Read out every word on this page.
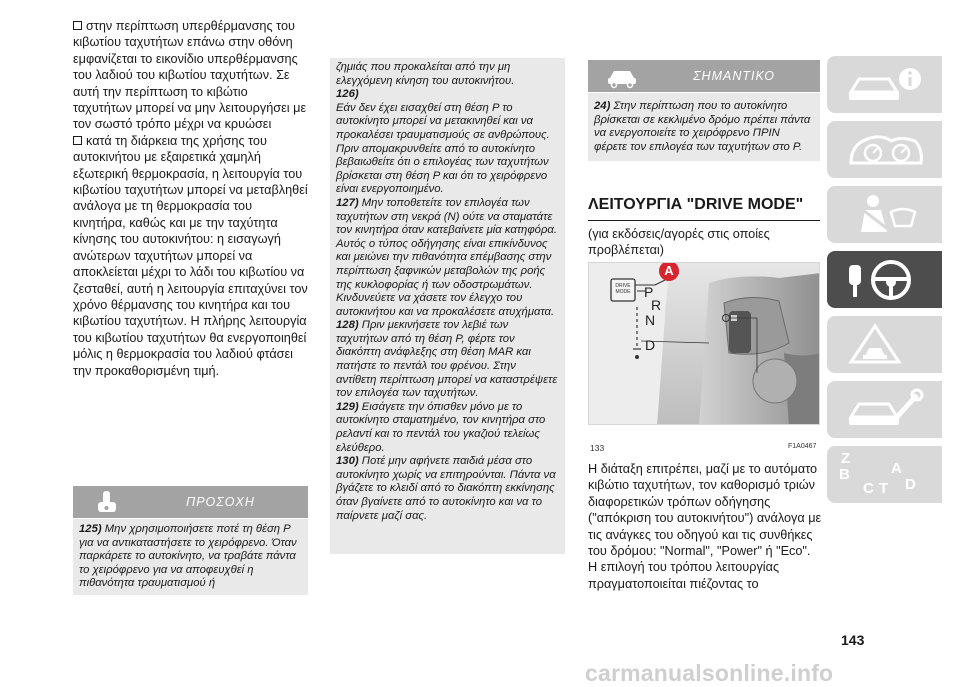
στην περίπτωση υπερθέρμανσης του κιβωτίου ταχυτήτων επάνω στην οθόνη εμφανίζεται το εικονίδιο υπερθέρμανσης του λαδιού του κιβωτίου ταχυτήτων. Σε αυτή την περίπτωση το κιβώτιο ταχυτήτων μπορεί να μην λειτουργήσει με τον σωστό τρόπο μέχρι να κρυώσει

κατά τη διάρκεια της χρήσης του αυτοκινήτου με εξαιρετικά χαμηλή εξωτερική θερμοκρασία, η λειτουργία του κιβωτίου ταχυτήτων μπορεί να μεταβληθεί ανάλογα με τη θερμοκρασία του κινητήρα, καθώς και με την ταχύτητα κίνησης του αυτοκινήτου: η εισαγωγή ανώτερων ταχυτήτων μπορεί να αποκλείεται μέχρι το λάδι του κιβωτίου να ζεσταθεί, αυτή η λειτουργία επιταχύνει τον χρόνο θέρμανσης του κινητήρα και του κιβωτίου ταχυτήτων. Η πλήρης λειτουργία του κιβωτίου ταχυτήτων θα ενεργοποιηθεί μόλις η θερμοκρασία του λαδιού φτάσει την προκαθορισμένη τιμή.

ΠΡΟΣΟΧΗ
125) Μην χρησιμοποιήσετε ποτέ τη θέση P για να αντικαταστήσετε το χειρόφρενο. Όταν παρκάρετε το αυτοκίνητο, να τραβάτε πάντα το χειρόφρενο για να αποφευχθεί η πιθανότητα τραυματισμού ή
ζημιάς που προκαλείται από την μη ελεγχόμενη κίνηση του αυτοκινήτου.
126)
Εάν δεν έχει εισαχθεί στη θέση P το αυτοκίνητο μπορεί να μετακινηθεί και να προκαλέσει τραυματισμούς σε ανθρώπους. Πριν απομακρυνθείτε από το αυτοκίνητο βεβαιωθείτε ότι ο επιλογέας των ταχυτήτων βρίσκεται στη θέση P και ότι το χειρόφρενο είναι ενεργοποιημένο.
127) Μην τοποθετείτε τον επιλογέα των ταχυτήτων στη νεκρά (N) ούτε να σταματάτε τον κινητήρα όταν κατεβαίνετε μία κατηφόρα. Αυτός ο τύπος οδήγησης είναι επικίνδυνος και μειώνει την πιθανότητα επέμβασης στην περίπτωση ξαφνικών μεταβολών της ροής της κυκλοφορίας ή των οδοστρωμάτων. Κινδυνεύετε να χάσετε τον έλεγχο του αυτοκινήτου και να προκαλέσετε ατυχήματα.
128) Πριν μεκινήσετε τον λεβιέ των ταχυτήτων από τη θέση P, φέρτε τον διακόπτη ανάφλεξης στη θέση MAR και πατήστε το πεντάλ του φρένου. Στην αντίθετη περίπτωση μπορεί να καταστρέψετε τον επιλογέα των ταχυτήτων.
129) Εισάγετε την όπισθεν μόνο με το αυτοκίνητο σταματημένο, τον κινητήρα στο ρελαντί και το πεντάλ του γκαζιού τελείως ελεύθερο.
130) Ποτέ μην αφήνετε παιδιά μέσα στο αυτοκίνητο χωρίς να επιτηρούνται. Πάντα να βγάζετε το κλειδί από το διακόπτη εκκίνησης όταν βγαίνετε από το αυτοκίνητο και να το παίρνετε μαζί σας.
ΣΗΜΑΝΤΙΚΟ
24) Στην περίπτωση που το αυτοκίνητο βρίσκεται σε κεκλιμένο δρόμο πρέπει πάντα να ενεργοποιείτε το χειρόφρενο ΠΡΙΝ φέρετε τον επιλογέα των ταχυτήτων στο P.
ΛΕΙΤΟΥΡΓΙΑ "DRIVE MODE"
(για εκδόσεις/αγορές στις οποίες προβλέπεται)
DRIVE
MODE P
R
N
D
A
133	F1A0467
Η διάταξη επιτρέπει, μαζί με το αυτόματο κιβώτιο ταχυτήτων, τον καθορισμό τριών διαφορετικών τρόπων οδήγησης ("απόκριση του αυτοκινήτου") ανάλογα με τις ανάγκες του οδηγού και τις συνθήκες του δρόμου: "Normal", "Power" ή "Eco". Η επιλογή του τρόπου λειτουργίας πραγματοποιείται πιέζοντας το
143
Z
B
C
A
D
T
carmanualsonline.info
